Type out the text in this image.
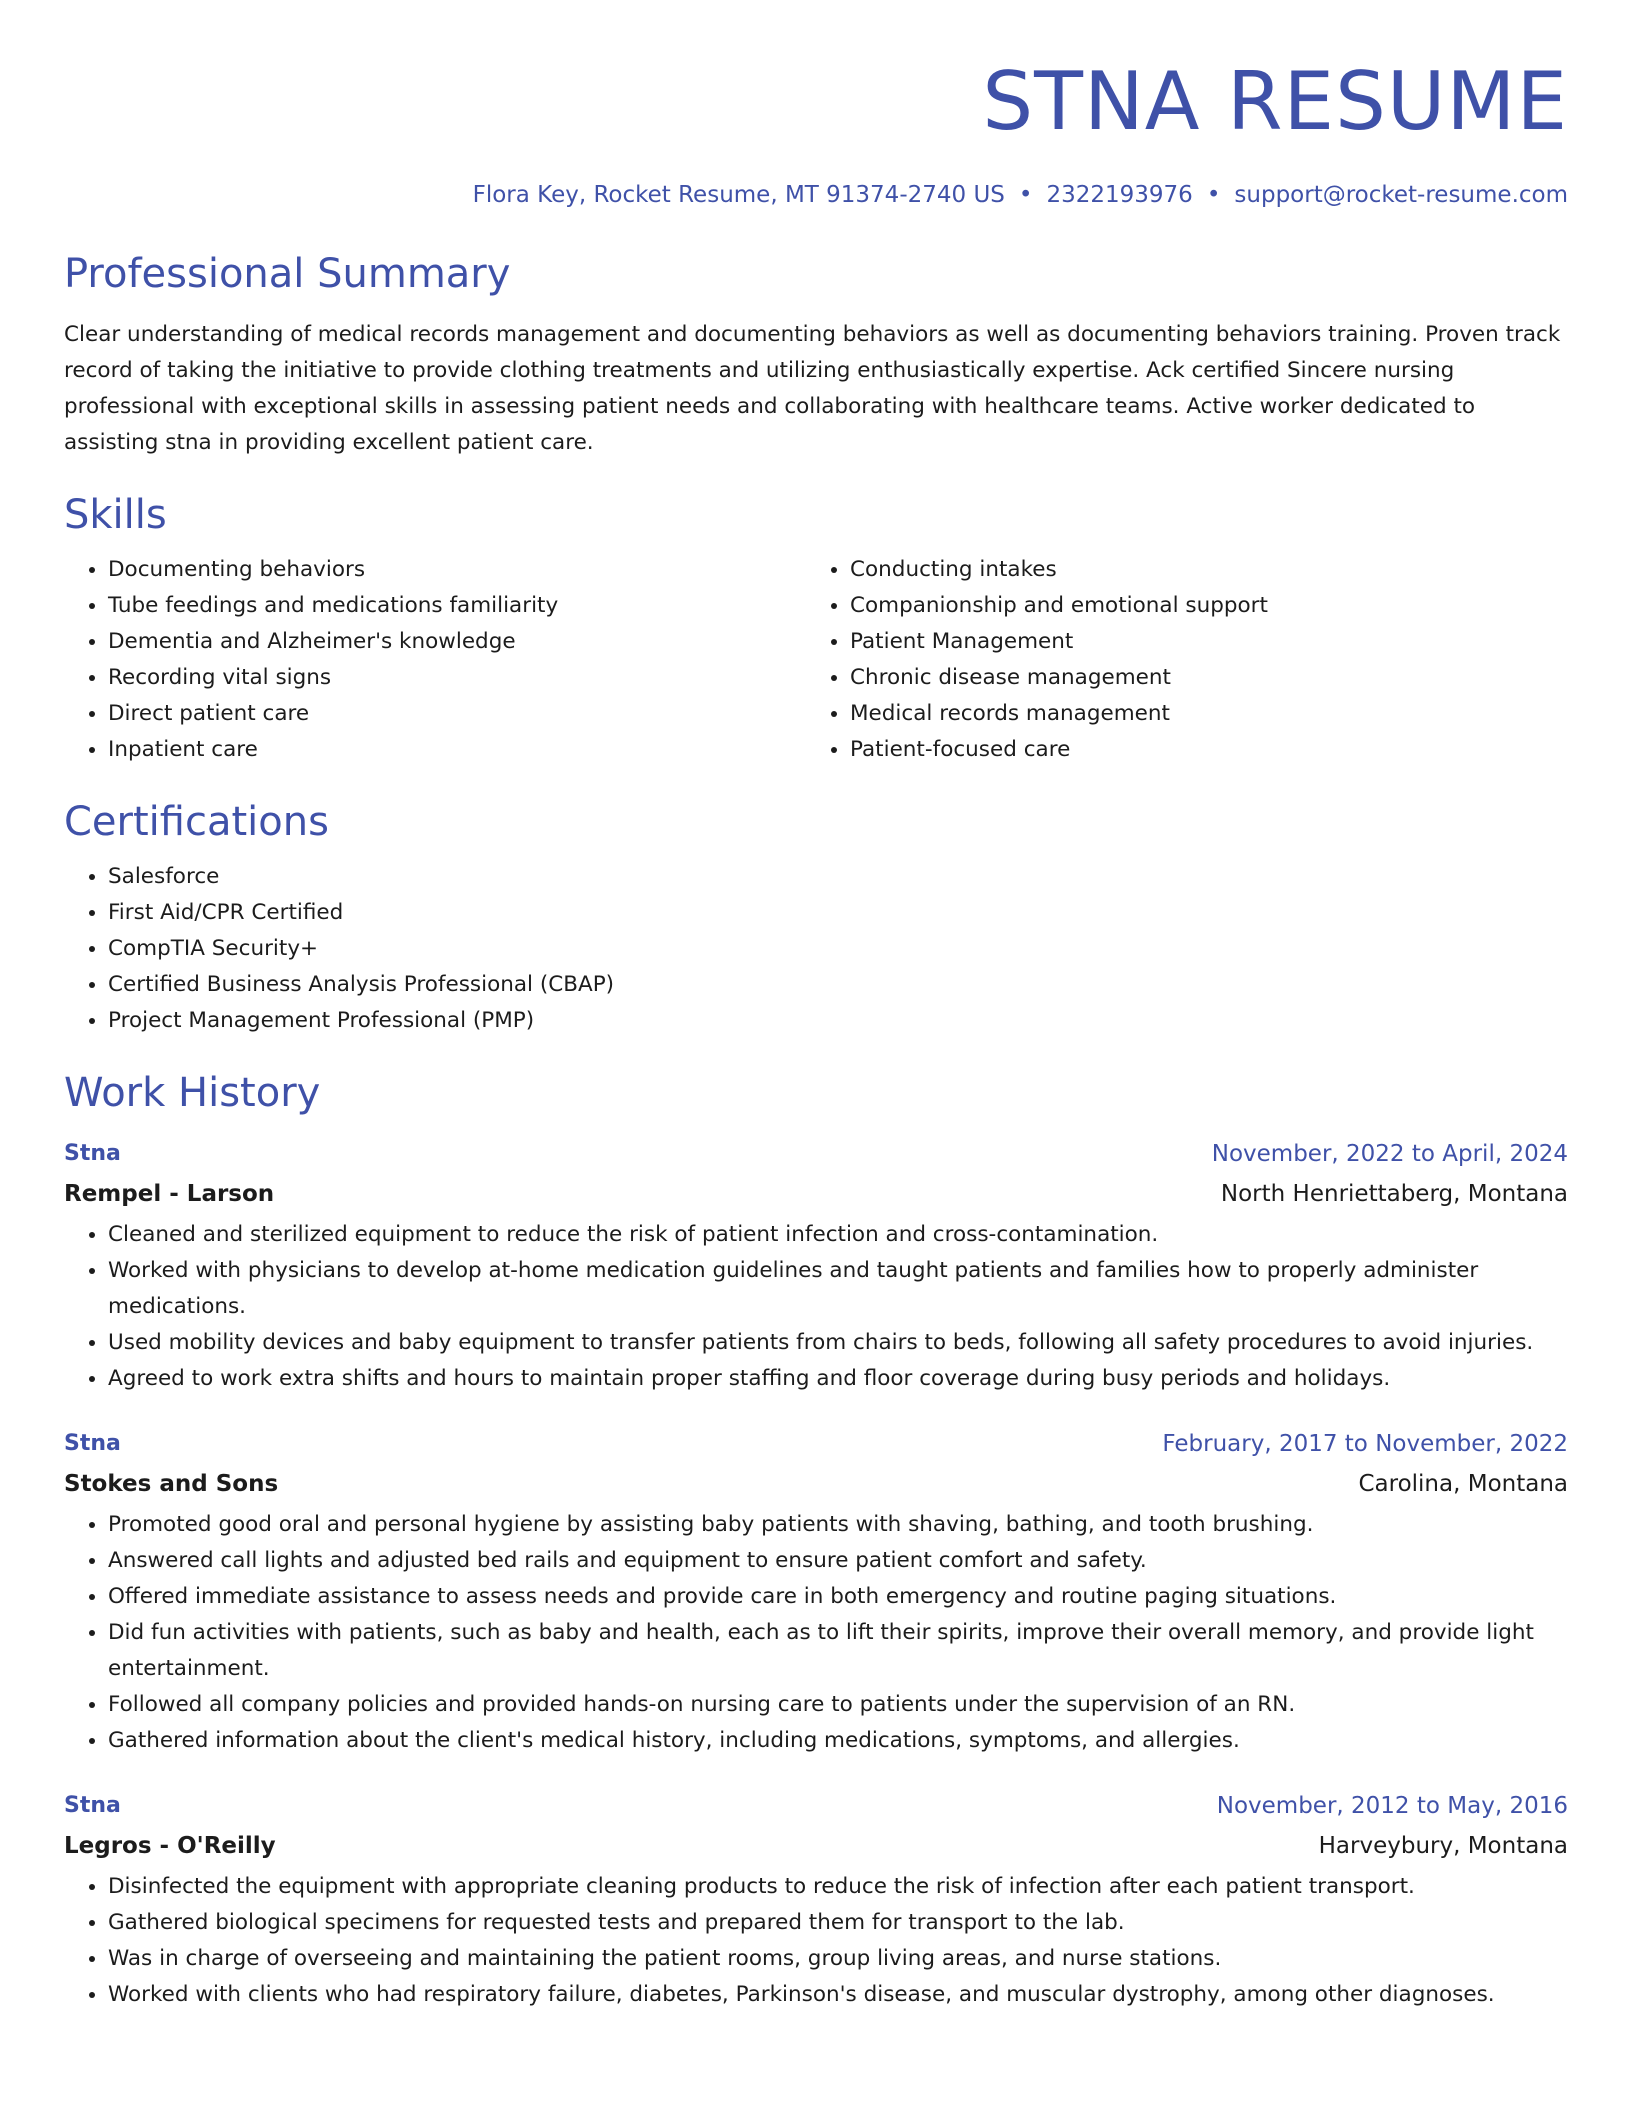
STNA RESUME
Flora Key, Rocket Resume, MT 91374-2740 US • 2322193976 • support@rocket-resume.com
Professional Summary

Clear understanding of medical records management and documenting behaviors as well as documenting behaviors training. Proven track record of taking the initiative to provide clothing treatments and utilizing enthusiastically expertise. Ack certified Sincere nursing professional with exceptional skills in assessing patient needs and collaborating with healthcare teams. Active worker dedicated to assisting stna in providing excellent patient care.

Skills
• Documenting behaviors
• Tube feedings and medications familiarity
• Dementia and Alzheimer's knowledge
• Recording vital signs
• Direct patient care
• Inpatient care
• Conducting intakes
• Companionship and emotional support
• Patient Management
• Chronic disease management
• Medical records management
• Patient-focused care
Certifications
• Salesforce
• First Aid/CPR Certified
• CompTIA Security+
• Certified Business Analysis Professional (CBAP)
• Project Management Professional (PMP)
Work History
Stna	November, 2022 to April, 2024
Rempel - Larson	North Henriettaberg, Montana
• Cleaned and sterilized equipment to reduce the risk of patient infection and cross-contamination.
• Worked with physicians to develop at-home medication guidelines and taught patients and families how to properly administer medications.
• Used mobility devices and baby equipment to transfer patients from chairs to beds, following all safety procedures to avoid injuries.
• Agreed to work extra shifts and hours to maintain proper staffing and floor coverage during busy periods and holidays.
Stna	February, 2017 to November, 2022
Stokes and Sons	Carolina, Montana
• Promoted good oral and personal hygiene by assisting baby patients with shaving, bathing, and tooth brushing.
• Answered call lights and adjusted bed rails and equipment to ensure patient comfort and safety.
• Offered immediate assistance to assess needs and provide care in both emergency and routine paging situations.
• Did fun activities with patients, such as baby and health, each as to lift their spirits, improve their overall memory, and provide light entertainment.
• Followed all company policies and provided hands-on nursing care to patients under the supervision of an RN.
• Gathered information about the client's medical history, including medications, symptoms, and allergies.
Stna	November, 2012 to May, 2016
Legros - O'Reilly	Harveybury, Montana
• Disinfected the equipment with appropriate cleaning products to reduce the risk of infection after each patient transport.
• Gathered biological specimens for requested tests and prepared them for transport to the lab.
• Was in charge of overseeing and maintaining the patient rooms, group living areas, and nurse stations.
• Worked with clients who had respiratory failure, diabetes, Parkinson's disease, and muscular dystrophy, among other diagnoses.
